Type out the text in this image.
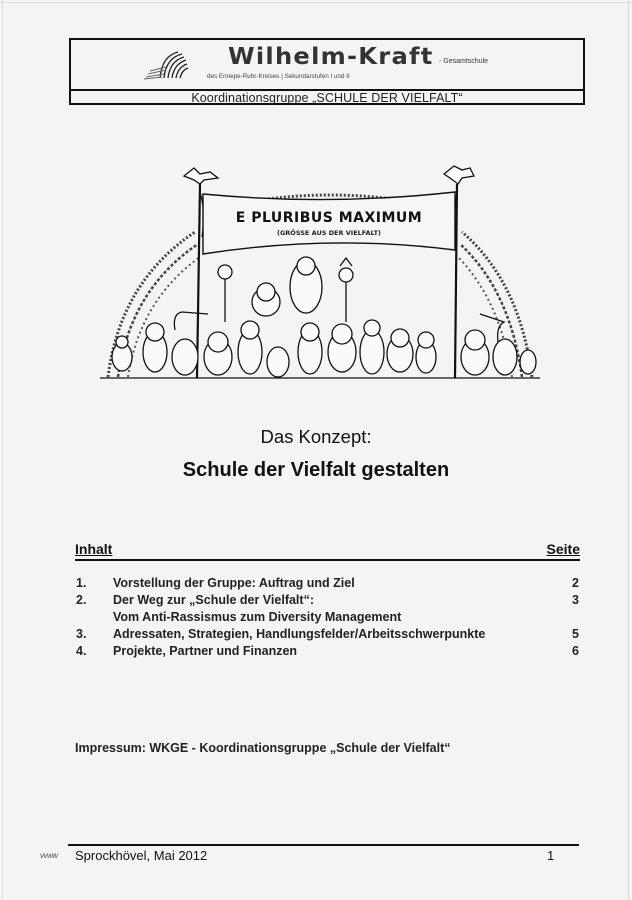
Wilhelm-Kraft - Gesamtschule
des Ennepe-Ruhr-Kreises | Sekundarstufen I und II
Koordinationsgruppe „SCHULE DER VIELFALT“
E PLURIBUS MAXIMUM
(GRÖSSE AUS DER VIELFALT)
Das Konzept:
Schule der Vielfalt gestalten
Inhalt	Seite
1. Vorstellung der Gruppe: Auftrag und Ziel	2
2. Der Weg zur „Schule der Vielfalt“:	3
Vom Anti-Rassismus zum Diversity Management
3. Adressaten, Strategien, Handlungsfelder/Arbeitsschwerpunkte	5
4. Projekte, Partner und Finanzen	6
Impressum: WKGE - Koordinationsgruppe „Schule der Vielfalt“
vvww Sprockhövel, Mai 2012	1
